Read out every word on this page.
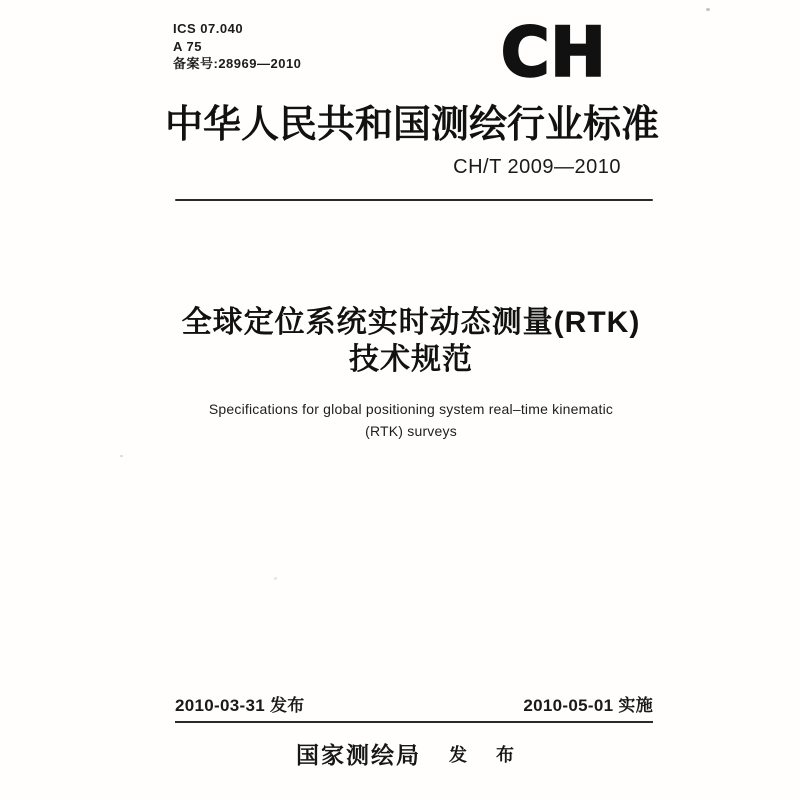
ICS 07.040
A 75
备案号:28969—2010	CH
中华人民共和国测绘行业标准
CH/T 2009—2010
全球定位系统实时动态测量(RTK)
技术规范
Specifications for global positioning system real–time kinematic
(RTK) surveys
2010-03-31 发布	2010-05-01 实施
国家测绘局 发 布
